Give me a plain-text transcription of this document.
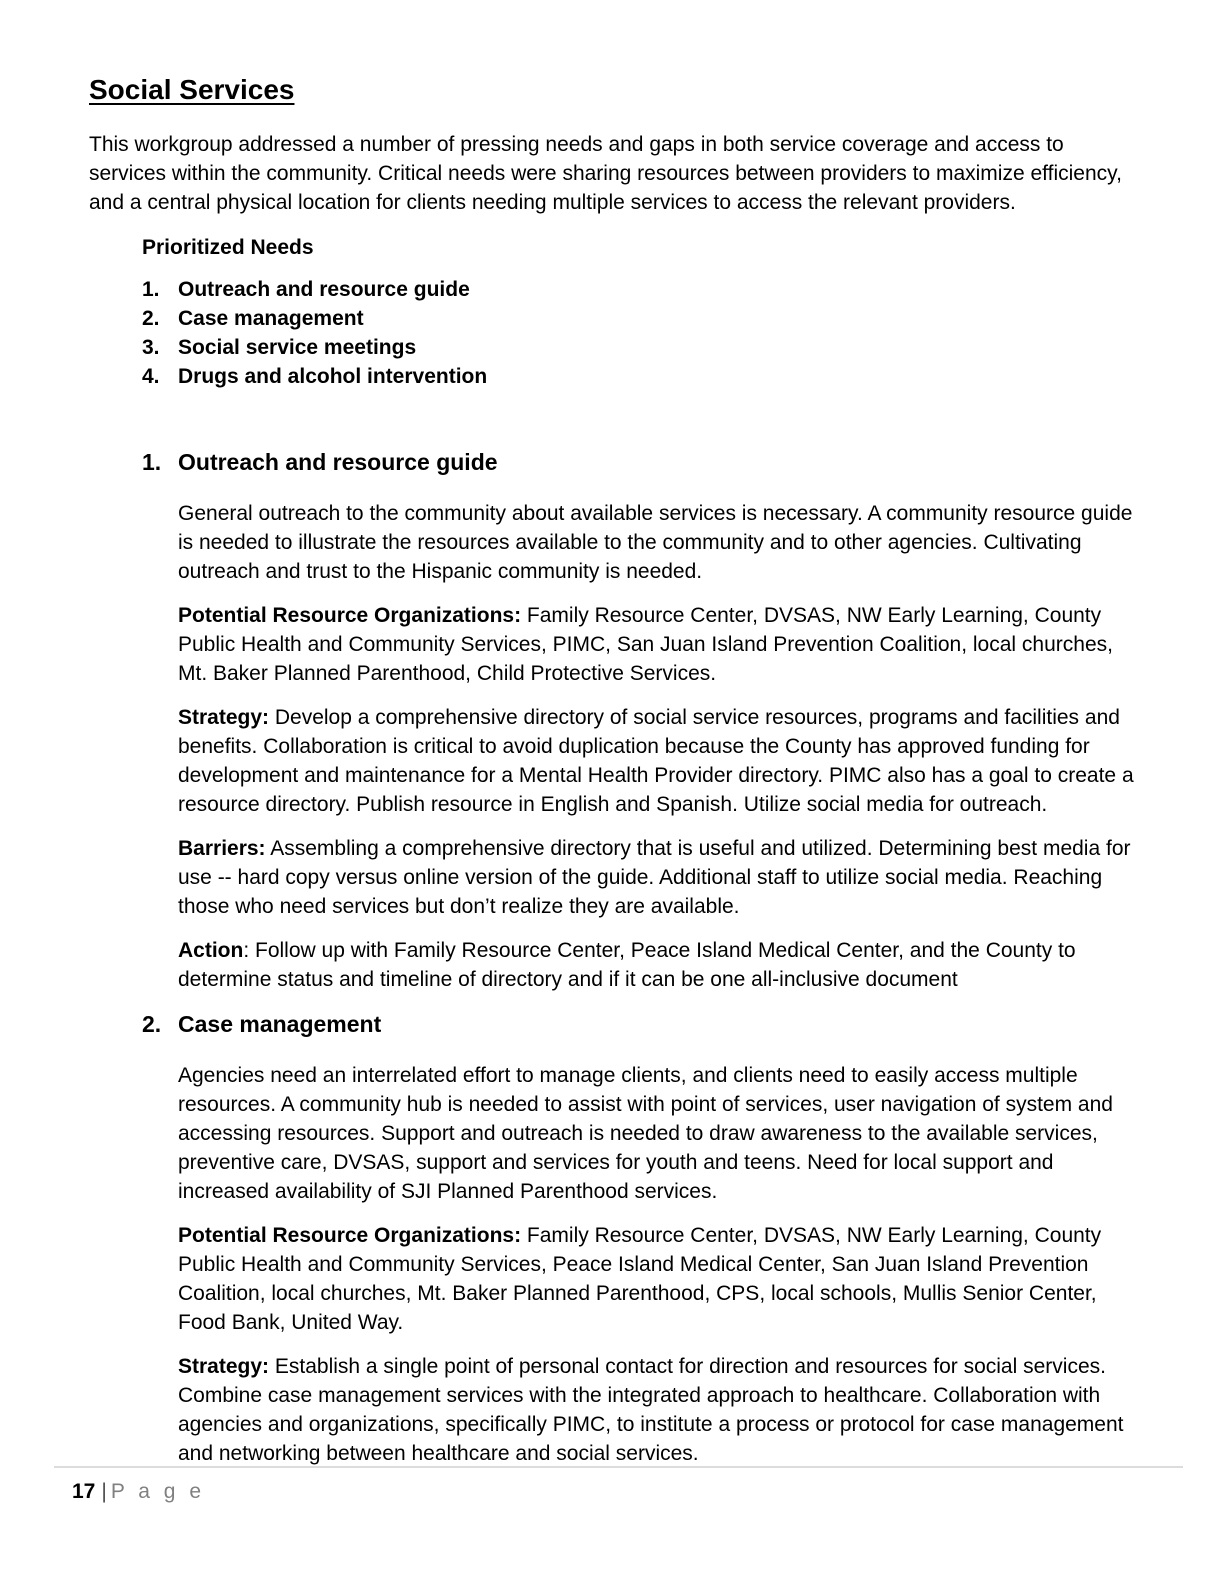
Social Services

This workgroup addressed a number of pressing needs and gaps in both service coverage and access to services within the community. Critical needs were sharing resources between providers to maximize efficiency, and a central physical location for clients needing multiple services to access the relevant providers.

Prioritized Needs
1. Outreach and resource guide
2. Case management
3. Social service meetings
4. Drugs and alcohol intervention
1. Outreach and resource guide

General outreach to the community about available services is necessary. A community resource guide is needed to illustrate the resources available to the community and to other agencies. Cultivating outreach and trust to the Hispanic community is needed.

Potential Resource Organizations: Family Resource Center, DVSAS, NW Early Learning, County Public Health and Community Services, PIMC, San Juan Island Prevention Coalition, local churches, Mt. Baker Planned Parenthood, Child Protective Services.

Strategy: Develop a comprehensive directory of social service resources, programs and facilities and benefits. Collaboration is critical to avoid duplication because the County has approved funding for development and maintenance for a Mental Health Provider directory. PIMC also has a goal to create a resource directory. Publish resource in English and Spanish. Utilize social media for outreach.

Barriers: Assembling a comprehensive directory that is useful and utilized. Determining best media for use -- hard copy versus online version of the guide. Additional staff to utilize social media. Reaching those who need services but don’t realize they are available.

Action: Follow up with Family Resource Center, Peace Island Medical Center, and the County to determine status and timeline of directory and if it can be one all-inclusive document

2. Case management

Agencies need an interrelated effort to manage clients, and clients need to easily access multiple resources. A community hub is needed to assist with point of services, user navigation of system and accessing resources. Support and outreach is needed to draw awareness to the available services, preventive care, DVSAS, support and services for youth and teens. Need for local support and increased availability of SJI Planned Parenthood services.

Potential Resource Organizations: Family Resource Center, DVSAS, NW Early Learning, County Public Health and Community Services, Peace Island Medical Center, San Juan Island Prevention Coalition, local churches, Mt. Baker Planned Parenthood, CPS, local schools, Mullis Senior Center, Food Bank, United Way.

Strategy: Establish a single point of personal contact for direction and resources for social services. Combine case management services with the integrated approach to healthcare. Collaboration with agencies and organizations, specifically PIMC, to institute a process or protocol for case management and networking between healthcare and social services.

17 | P a g e
